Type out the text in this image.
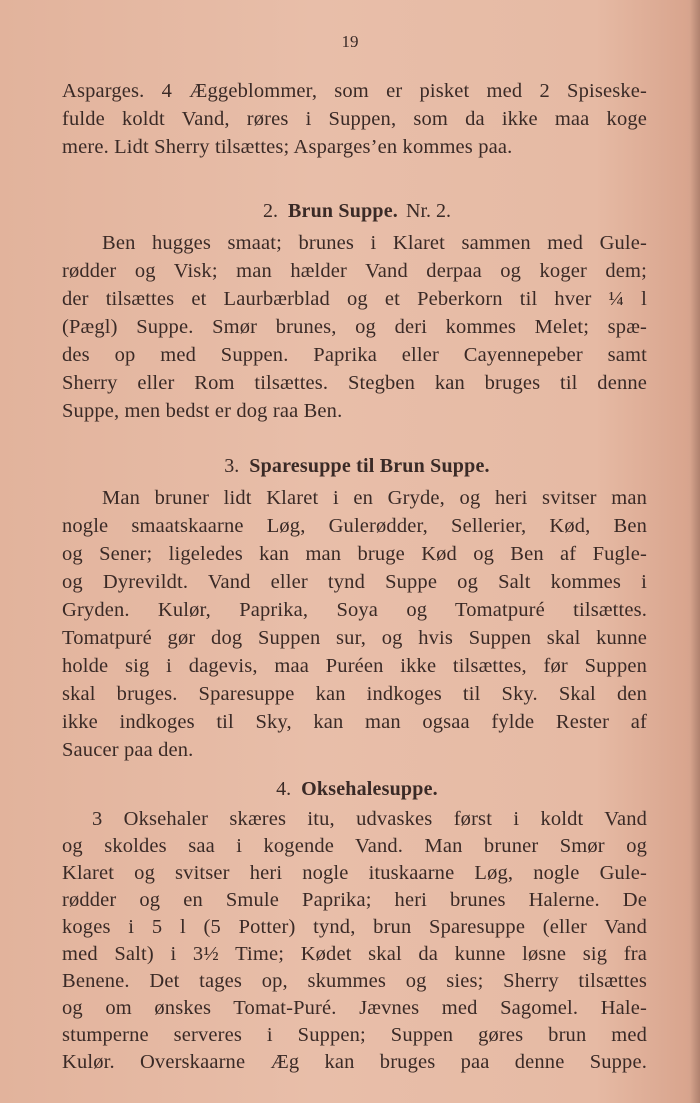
19
Asparges. 4 Æggeblommer, som er pisket med 2 Spiseske-
fulde koldt Vand, røres i Suppen, som da ikke maa koge
mere. Lidt Sherry tilsættes; Asparges’en kommes paa.
2. Brun Suppe. Nr. 2.
Ben hugges smaat; brunes i Klaret sammen med Gule-
rødder og Visk; man hælder Vand derpaa og koger dem;
der tilsættes et Laurbærblad og et Peberkorn til hver ¼ l
(Pægl) Suppe. Smør brunes, og deri kommes Melet; spæ-
des op med Suppen. Paprika eller Cayennepeber samt
Sherry eller Rom tilsættes. Stegben kan bruges til denne
Suppe, men bedst er dog raa Ben.
3. Sparesuppe til Brun Suppe.
Man bruner lidt Klaret i en Gryde, og heri svitser man
nogle smaatskaarne Løg, Gulerødder, Sellerier, Kød, Ben
og Sener; ligeledes kan man bruge Kød og Ben af Fugle-
og Dyrevildt. Vand eller tynd Suppe og Salt kommes i
Gryden. Kulør, Paprika, Soya og Tomatpuré tilsættes.
Tomatpuré gør dog Suppen sur, og hvis Suppen skal kunne
holde sig i dagevis, maa Puréen ikke tilsættes, før Suppen
skal bruges. Sparesuppe kan indkoges til Sky. Skal den
ikke indkoges til Sky, kan man ogsaa fylde Rester af
Saucer paa den.
4. Oksehalesuppe.
3 Oksehaler skæres itu, udvaskes først i koldt Vand
og skoldes saa i kogende Vand. Man bruner Smør og
Klaret og svitser heri nogle ituskaarne Løg, nogle Gule-
rødder og en Smule Paprika; heri brunes Halerne. De
koges i 5 l (5 Potter) tynd, brun Sparesuppe (eller Vand
med Salt) i 3½ Time; Kødet skal da kunne løsne sig fra
Benene. Det tages op, skummes og sies; Sherry tilsættes
og om ønskes Tomat-Puré. Jævnes med Sagomel. Hale-
stumperne serveres i Suppen; Suppen gøres brun med
Kulør. Overskaarne Æg kan bruges paa denne Suppe.
